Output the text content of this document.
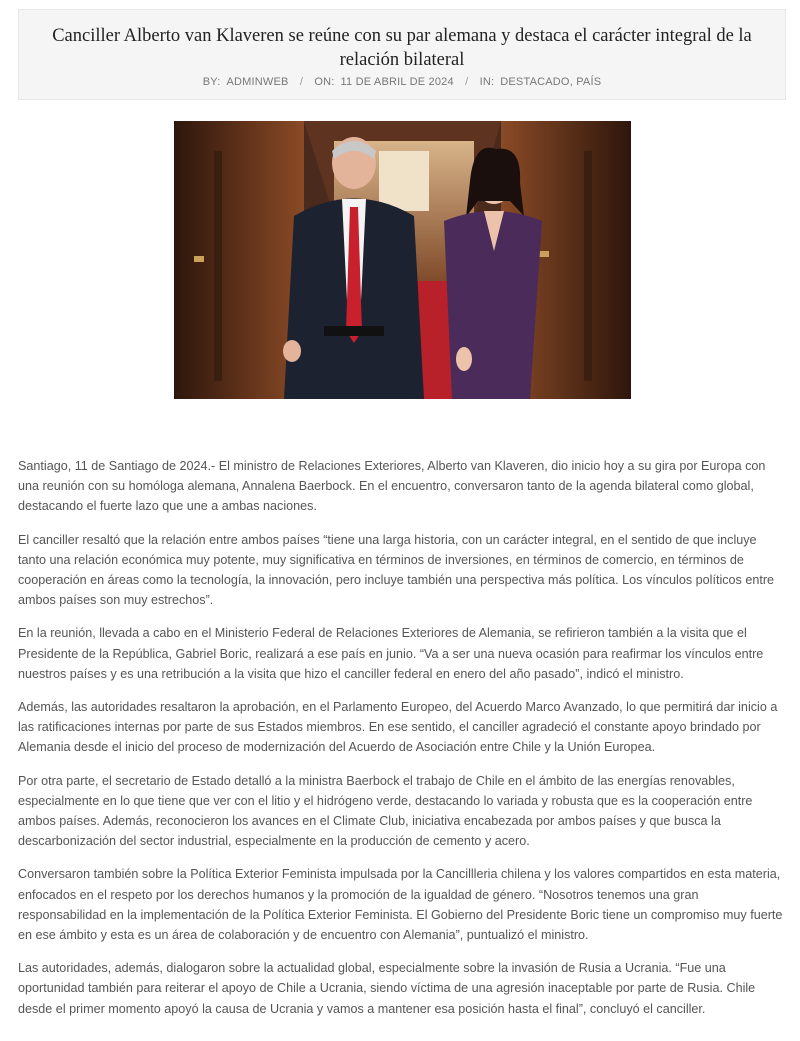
Canciller Alberto van Klaveren se reúne con su par alemana y destaca el carácter integral de la relación bilateral
BY: ADMINWEB / ON: 11 DE ABRIL DE 2024 / IN: DESTACADO, PAÍS

Santiago, 11 de Santiago de 2024.- El ministro de Relaciones Exteriores, Alberto van Klaveren, dio inicio hoy a su gira por Europa con una reunión con su homóloga alemana, Annalena Baerbock. En el encuentro, conversaron tanto de la agenda bilateral como global, destacando el fuerte lazo que une a ambas naciones.

El canciller resaltó que la relación entre ambos países “tiene una larga historia, con un carácter integral, en el sentido de que incluye tanto una relación económica muy potente, muy significativa en términos de inversiones, en términos de comercio, en términos de cooperación en áreas como la tecnología, la innovación, pero incluye también una perspectiva más política. Los vínculos políticos entre ambos países son muy estrechos”.

En la reunión, llevada a cabo en el Ministerio Federal de Relaciones Exteriores de Alemania, se refirieron también a la visita que el Presidente de la República, Gabriel Boric, realizará a ese país en junio. “Va a ser una nueva ocasión para reafirmar los vínculos entre nuestros países y es una retribución a la visita que hizo el canciller federal en enero del año pasado”, indicó el ministro.

Además, las autoridades resaltaron la aprobación, en el Parlamento Europeo, del Acuerdo Marco Avanzado, lo que permitirá dar inicio a las ratificaciones internas por parte de sus Estados miembros. En ese sentido, el canciller agradeció el constante apoyo brindado por Alemania desde el inicio del proceso de modernización del Acuerdo de Asociación entre Chile y la Unión Europea.

Por otra parte, el secretario de Estado detalló a la ministra Baerbock el trabajo de Chile en el ámbito de las energías renovables, especialmente en lo que tiene que ver con el litio y el hidrógeno verde, destacando lo variada y robusta que es la cooperación entre ambos países. Además, reconocieron los avances en el Climate Club, iniciativa encabezada por ambos países y que busca la descarbonización del sector industrial, especialmente en la producción de cemento y acero.

Conversaron también sobre la Política Exterior Feminista impulsada por la Cancillleria chilena y los valores compartidos en esta materia, enfocados en el respeto por los derechos humanos y la promoción de la igualdad de género. “Nosotros tenemos una gran responsabilidad en la implementación de la Política Exterior Feminista. El Gobierno del Presidente Boric tiene un compromiso muy fuerte en ese ámbito y esta es un área de colaboración y de encuentro con Alemania”, puntualizó el ministro.

Las autoridades, además, dialogaron sobre la actualidad global, especialmente sobre la invasión de Rusia a Ucrania. “Fue una oportunidad también para reiterar el apoyo de Chile a Ucrania, siendo víctima de una agresión inaceptable por parte de Rusia. Chile desde el primer momento apoyó la causa de Ucrania y vamos a mantener esa posición hasta el final”, concluyó el canciller.
